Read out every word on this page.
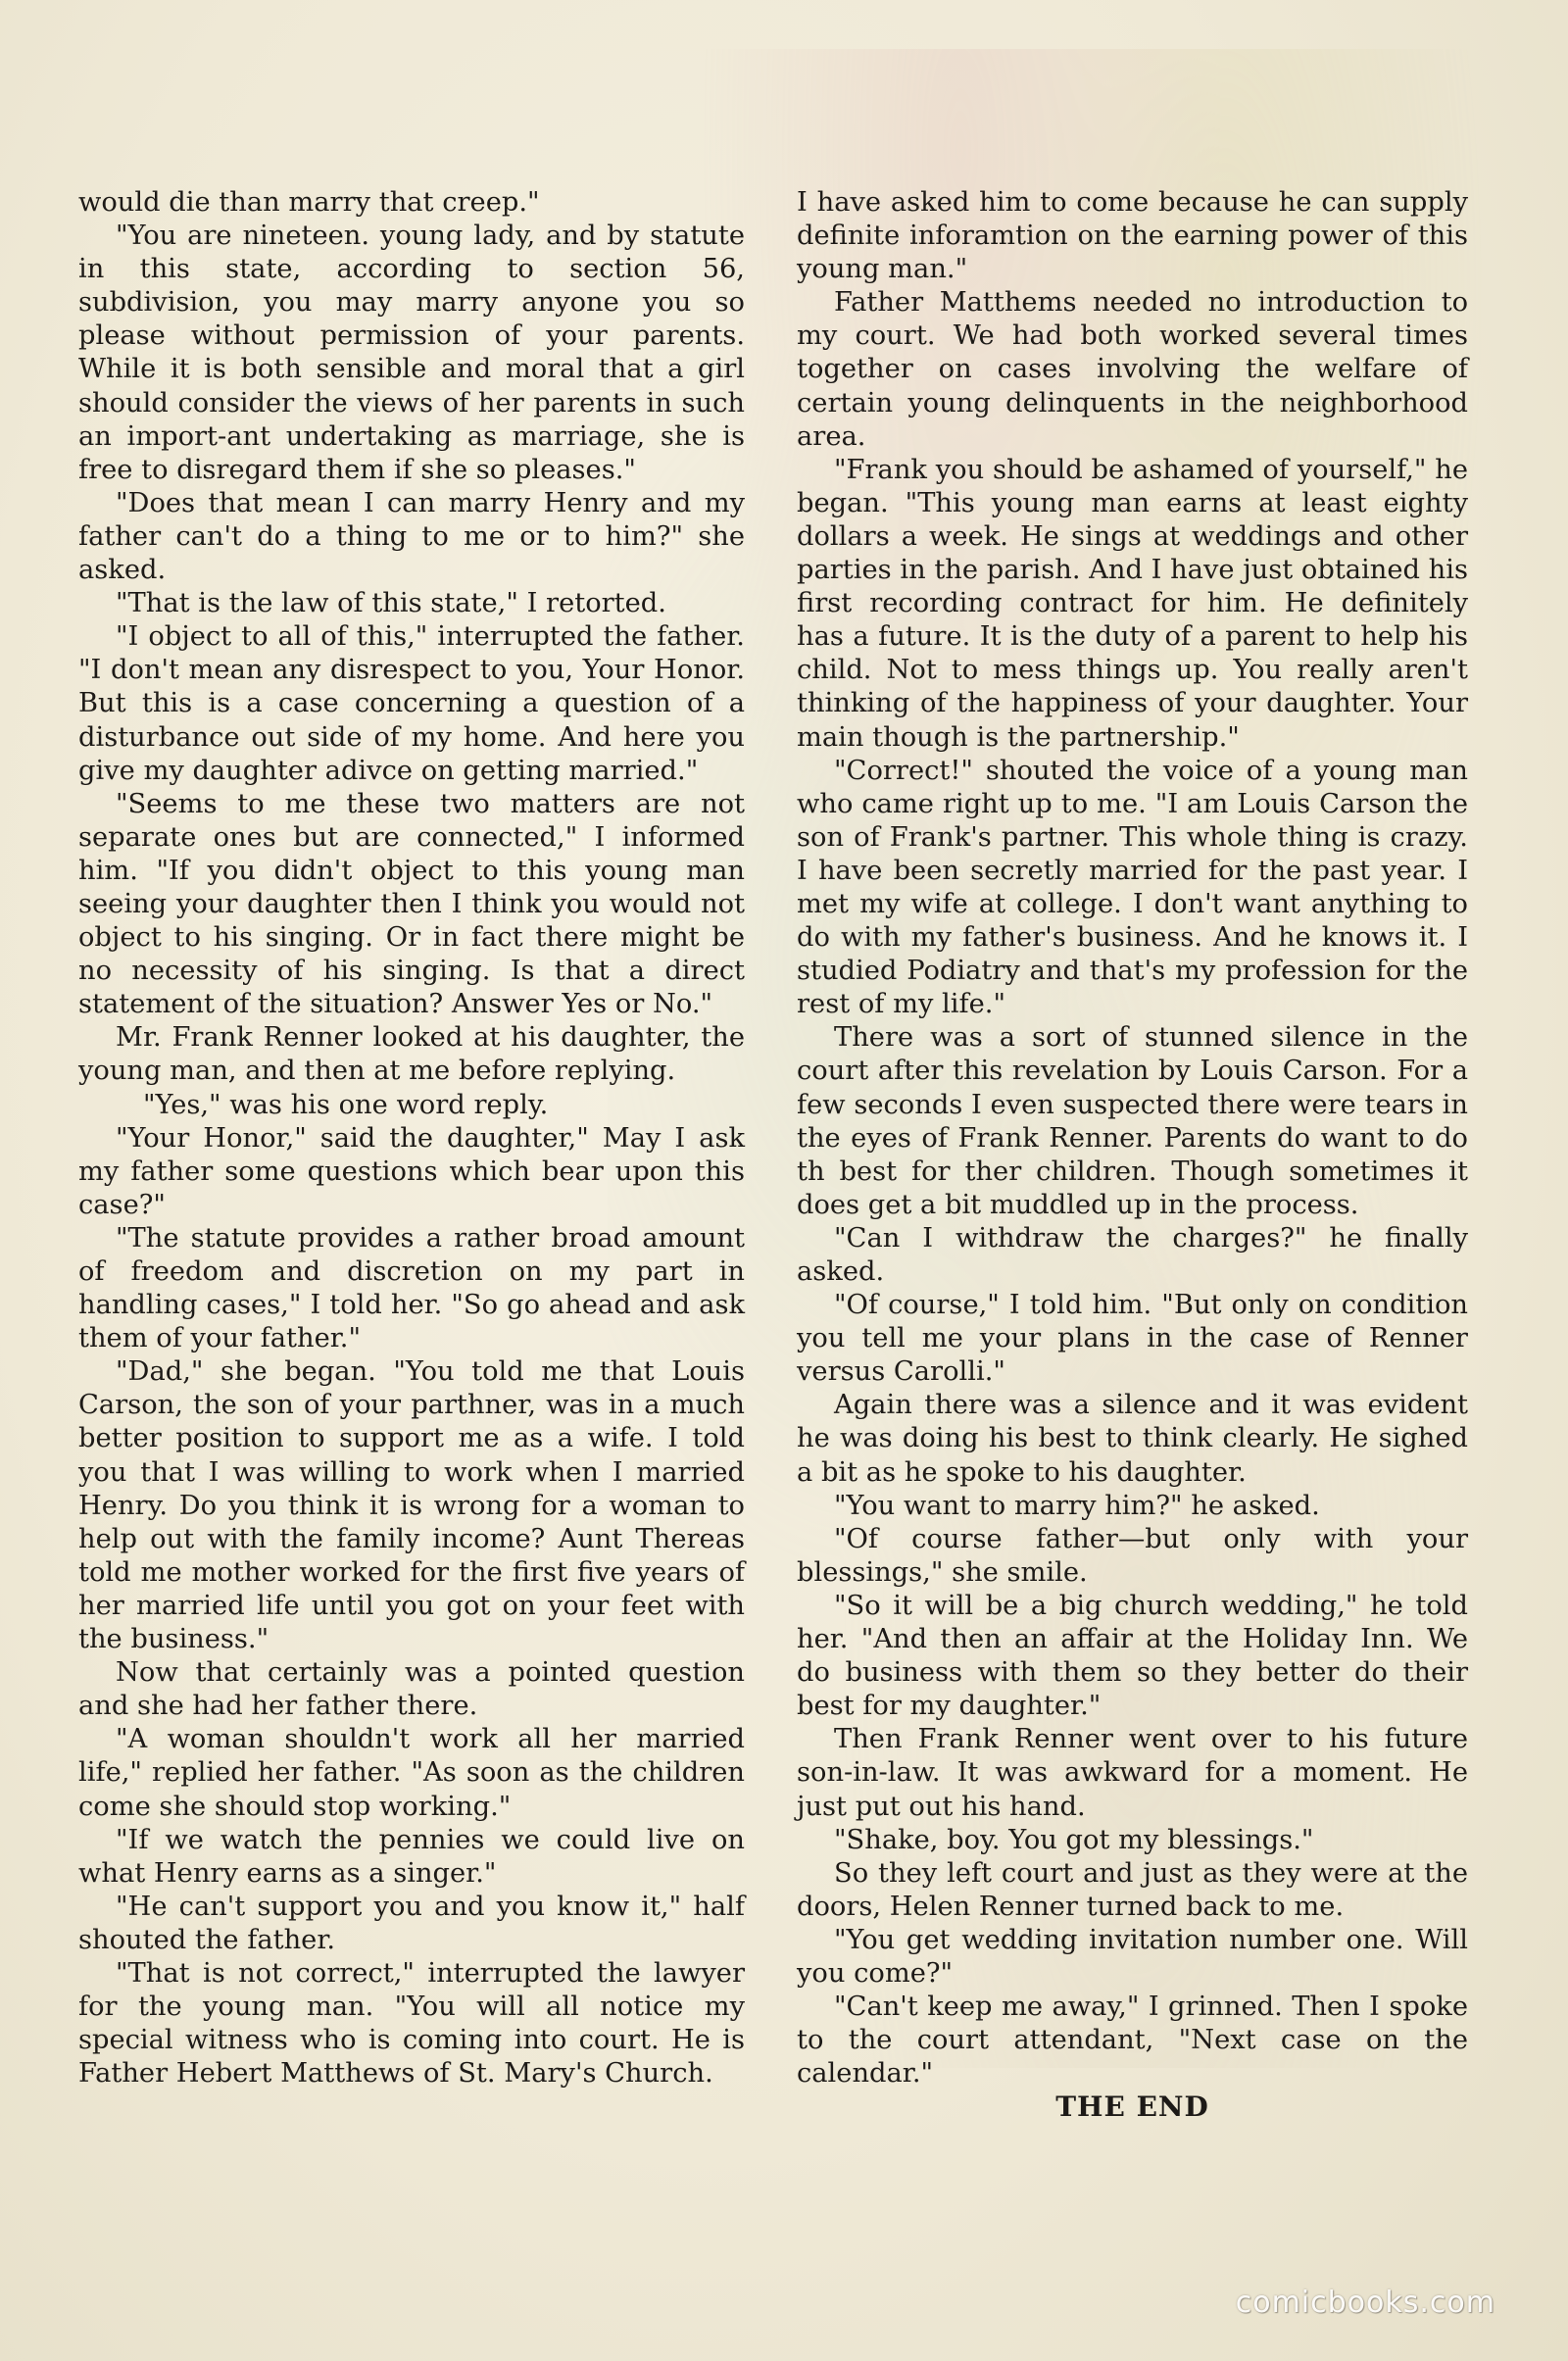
would die than marry that creep."

"You are nineteen. young lady, and by statute in this state, according to section 56, subdivision, you may marry anyone you so please without permission of your parents. While it is both sensible and moral that a girl should consider the views of her parents in such an import-ant undertaking as marriage, she is free to disregard them if she so pleases."

"Does that mean I can marry Henry and my father can't do a thing to me or to him?" she asked.

"That is the law of this state," I retorted.

"I object to all of this," interrupted the father. "I don't mean any disrespect to you, Your Honor. But this is a case concerning a question of a disturbance out side of my home. And here you give my daughter adivce on getting married."

"Seems to me these two matters are not separate ones but are connected," I informed him. "If you didn't object to this young man seeing your daughter then I think you would not object to his singing. Or in fact there might be no necessity of his singing. Is that a direct statement of the situation? Answer Yes or No."

Mr. Frank Renner looked at his daughter, the young man, and then at me before replying.

"Yes," was his one word reply.

"Your Honor," said the daughter," May I ask my father some questions which bear upon this case?"

"The statute provides a rather broad amount of freedom and discretion on my part in handling cases," I told her. "So go ahead and ask them of your father."

"Dad," she began. "You told me that Louis Carson, the son of your parthner, was in a much better position to support me as a wife. I told you that I was willing to work when I married Henry. Do you think it is wrong for a woman to help out with the family income? Aunt Thereas told me mother worked for the first five years of her married life until you got on your feet with the business."

Now that certainly was a pointed question and she had her father there.

"A woman shouldn't work all her married life," replied her father. "As soon as the children come she should stop working."

"If we watch the pennies we could live on what Henry earns as a singer."

"He can't support you and you know it," half shouted the father.

"That is not correct," interrupted the lawyer for the young man. "You will all notice my special witness who is coming into court. He is Father Hebert Matthews of St. Mary's Church.

I have asked him to come because he can supply definite inforamtion on the earning power of this young man."

Father Matthems needed no introduction to my court. We had both worked several times together on cases involving the welfare of certain young delinquents in the neighborhood area.

"Frank you should be ashamed of yourself," he began. "This young man earns at least eighty dollars a week. He sings at weddings and other parties in the parish. And I have just obtained his first recording contract for him. He definitely has a future. It is the duty of a parent to help his child. Not to mess things up. You really aren't thinking of the happiness of your daughter. Your main though is the partnership."

"Correct!" shouted the voice of a young man who came right up to me. "I am Louis Carson the son of Frank's partner. This whole thing is crazy. I have been secretly married for the past year. I met my wife at college. I don't want anything to do with my father's business. And he knows it. I studied Podiatry and that's my profession for the rest of my life."

There was a sort of stunned silence in the court after this revelation by Louis Carson. For a few seconds I even suspected there were tears in the eyes of Frank Renner. Parents do want to do th best for ther children. Though sometimes it does get a bit muddled up in the process.

"Can I withdraw the charges?" he finally asked.

"Of course," I told him. "But only on condition you tell me your plans in the case of Renner versus Carolli."

Again there was a silence and it was evident he was doing his best to think clearly. He sighed a bit as he spoke to his daughter.

"You want to marry him?" he asked.

"Of course father—but only with your blessings," she smile.

"So it will be a big church wedding," he told her. "And then an affair at the Holiday Inn. We do business with them so they better do their best for my daughter."

Then Frank Renner went over to his future son-in-law. It was awkward for a moment. He just put out his hand.

"Shake, boy. You got my blessings."

So they left court and just as they were at the doors, Helen Renner turned back to me.

"You get wedding invitation number one. Will you come?"

"Can't keep me away," I grinned. Then I spoke to the court attendant, "Next case on the calendar."

THE END

comicbooks.com
